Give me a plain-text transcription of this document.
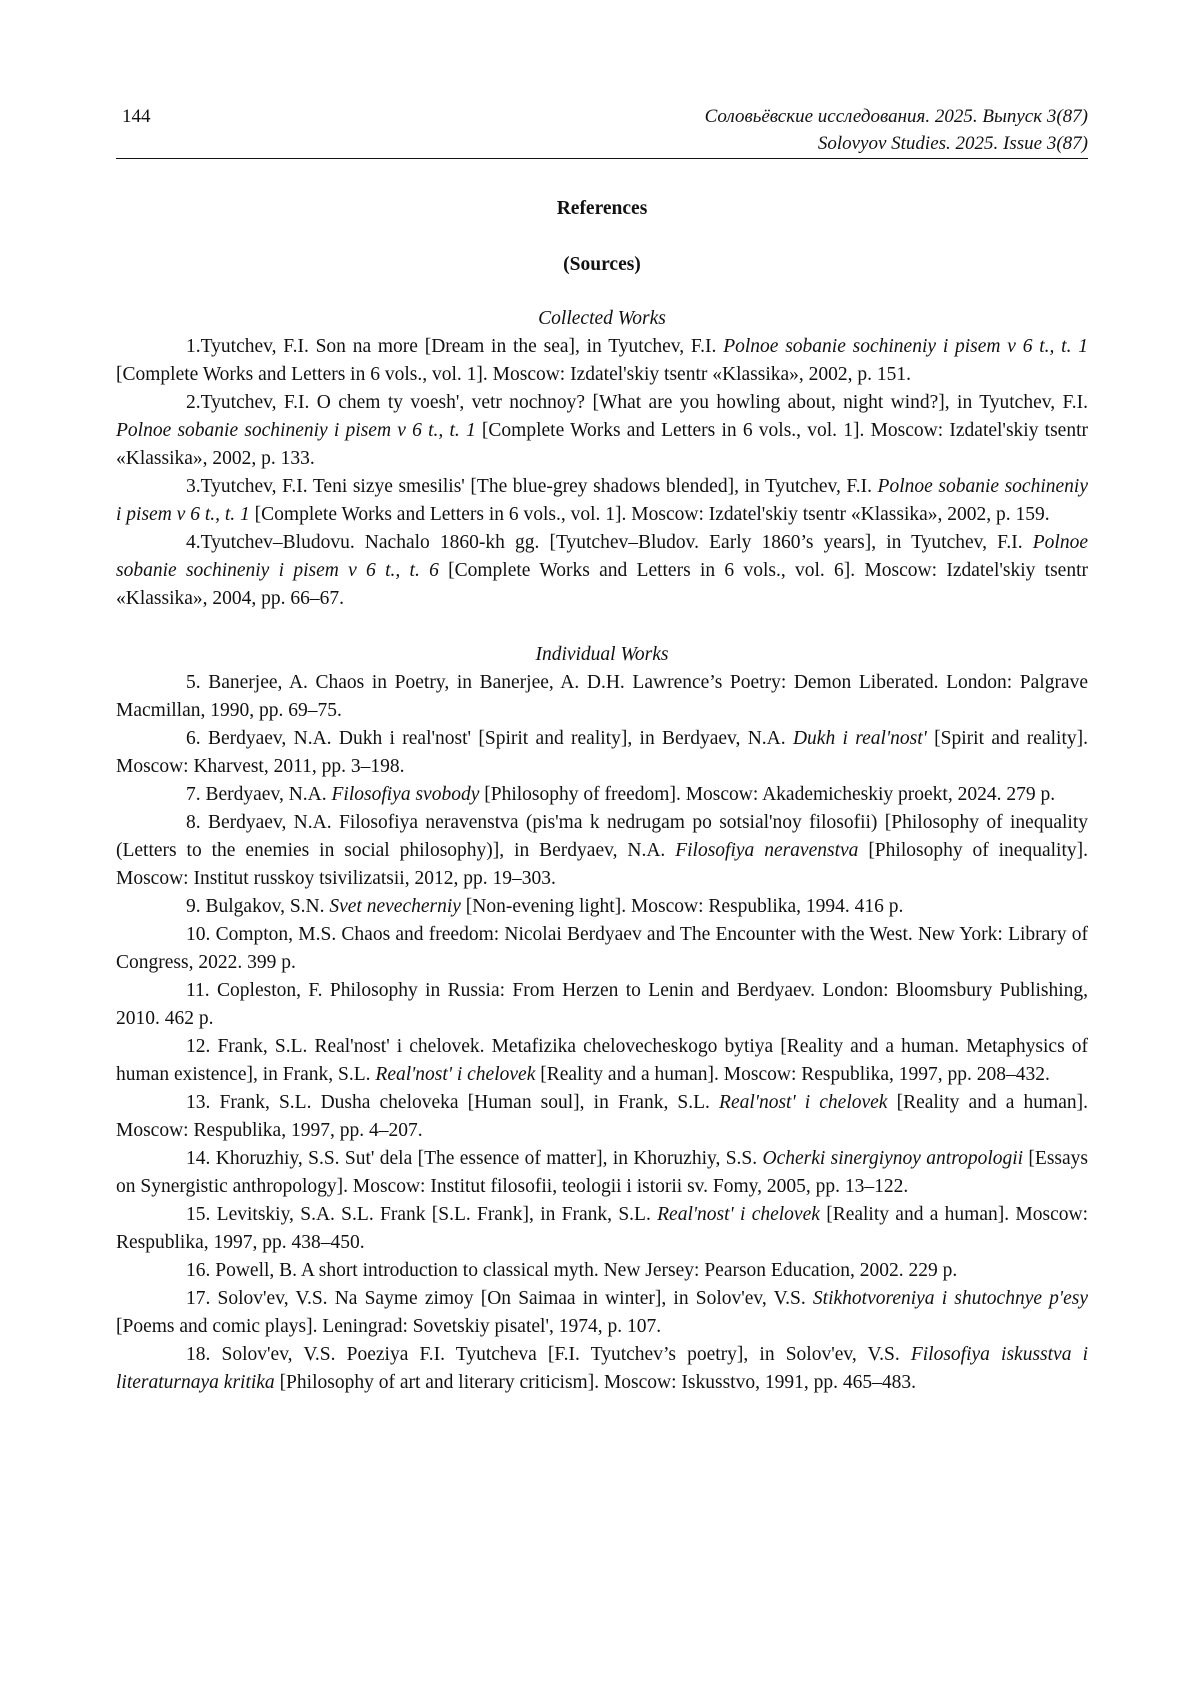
144	Соловьёвские исследования. 2025. Выпуск 3(87)
Solovyov Studies. 2025. Issue 3(87)
References
(Sources)
Collected Works
1.Tyutchev, F.I. Son na more [Dream in the sea], in Tyutchev, F.I. Polnoe sobanie sochineniy i pisem v 6 t., t. 1 [Complete Works and Letters in 6 vols., vol. 1]. Moscow: Izdatel'skiy tsentr «Klassika», 2002, p. 151.
2.Tyutchev, F.I. O chem ty voesh', vetr nochnoy? [What are you howling about, night wind?], in Tyutchev, F.I. Polnoe sobanie sochineniy i pisem v 6 t., t. 1 [Complete Works and Letters in 6 vols., vol. 1]. Moscow: Izdatel'skiy tsentr «Klassika», 2002, p. 133.
3.Tyutchev, F.I. Teni sizye smesilis' [The blue-grey shadows blended], in Tyutchev, F.I. Polnoe sobanie sochineniy i pisem v 6 t., t. 1 [Complete Works and Letters in 6 vols., vol. 1]. Moscow: Izdatel'skiy tsentr «Klassika», 2002, p. 159.
4.Tyutchev–Bludovu. Nachalo 1860-kh gg. [Tyutchev–Bludov. Early 1860’s years], in Tyutchev, F.I. Polnoe sobanie sochineniy i pisem v 6 t., t. 6 [Complete Works and Letters in 6 vols., vol. 6]. Moscow: Izdatel'skiy tsentr «Klassika», 2004, pp. 66–67.
Individual Works
5. Banerjee, A. Chaos in Poetry, in Banerjee, A. D.H. Lawrence’s Poetry: Demon Liberated. London: Palgrave Macmillan, 1990, pp. 69–75.
6. Berdyaev, N.A. Dukh i real'nost' [Spirit and reality], in Berdyaev, N.A. Dukh i real'nost' [Spirit and reality]. Moscow: Kharvest, 2011, pp. 3–198.
7. Berdyaev, N.A. Filosofiya svobody [Philosophy of freedom]. Moscow: Akademicheskiy proekt, 2024. 279 p.
8. Berdyaev, N.A. Filosofiya neravenstva (pis'ma k nedrugam po sotsial'noy filosofii) [Philosophy of inequality (Letters to the enemies in social philosophy)], in Berdyaev, N.A. Filosofiya neravenstva [Philosophy of inequality]. Moscow: Institut russkoy tsivilizatsii, 2012, pp. 19–303.
9. Bulgakov, S.N. Svet nevecherniy [Non-evening light]. Moscow: Respublika, 1994. 416 p.
10. Compton, M.S. Chaos and freedom: Nicolai Berdyaev and The Encounter with the West. New York: Library of Congress, 2022. 399 p.
11. Copleston, F. Philosophy in Russia: From Herzen to Lenin and Berdyaev. London: Bloomsbury Publishing, 2010. 462 p.
12. Frank, S.L. Real'nost' i chelovek. Metafizika chelovecheskogo bytiya [Reality and a human. Metaphysics of human existence], in Frank, S.L. Real'nost' i chelovek [Reality and a human]. Moscow: Respublika, 1997, pp. 208–432.
13. Frank, S.L. Dusha cheloveka [Human soul], in Frank, S.L. Real'nost' i chelovek [Reality and a human]. Moscow: Respublika, 1997, pp. 4–207.
14. Khoruzhiy, S.S. Sut' dela [The essence of matter], in Khoruzhiy, S.S. Ocherki sinergiynoy antropologii [Essays on Synergistic anthropology]. Moscow: Institut filosofii, teologii i istorii sv. Fomy, 2005, pp. 13–122.
15. Levitskiy, S.A. S.L. Frank [S.L. Frank], in Frank, S.L. Real'nost' i chelovek [Reality and a human]. Moscow: Respublika, 1997, pp. 438–450.
16. Powell, B. A short introduction to classical myth. New Jersey: Pearson Education, 2002. 229 p.
17. Solov'ev, V.S. Na Sayme zimoy [On Saimaa in winter], in Solov'ev, V.S. Stikhotvoreniya i shutochnye p'esy [Poems and comic plays]. Leningrad: Sovetskiy pisatel', 1974, p. 107.
18. Solov'ev, V.S. Poeziya F.I. Tyutcheva [F.I. Tyutchev’s poetry], in Solov'ev, V.S. Filosofiya iskusstva i literaturnaya kritika [Philosophy of art and literary criticism]. Moscow: Iskusstvo, 1991, pp. 465–483.
